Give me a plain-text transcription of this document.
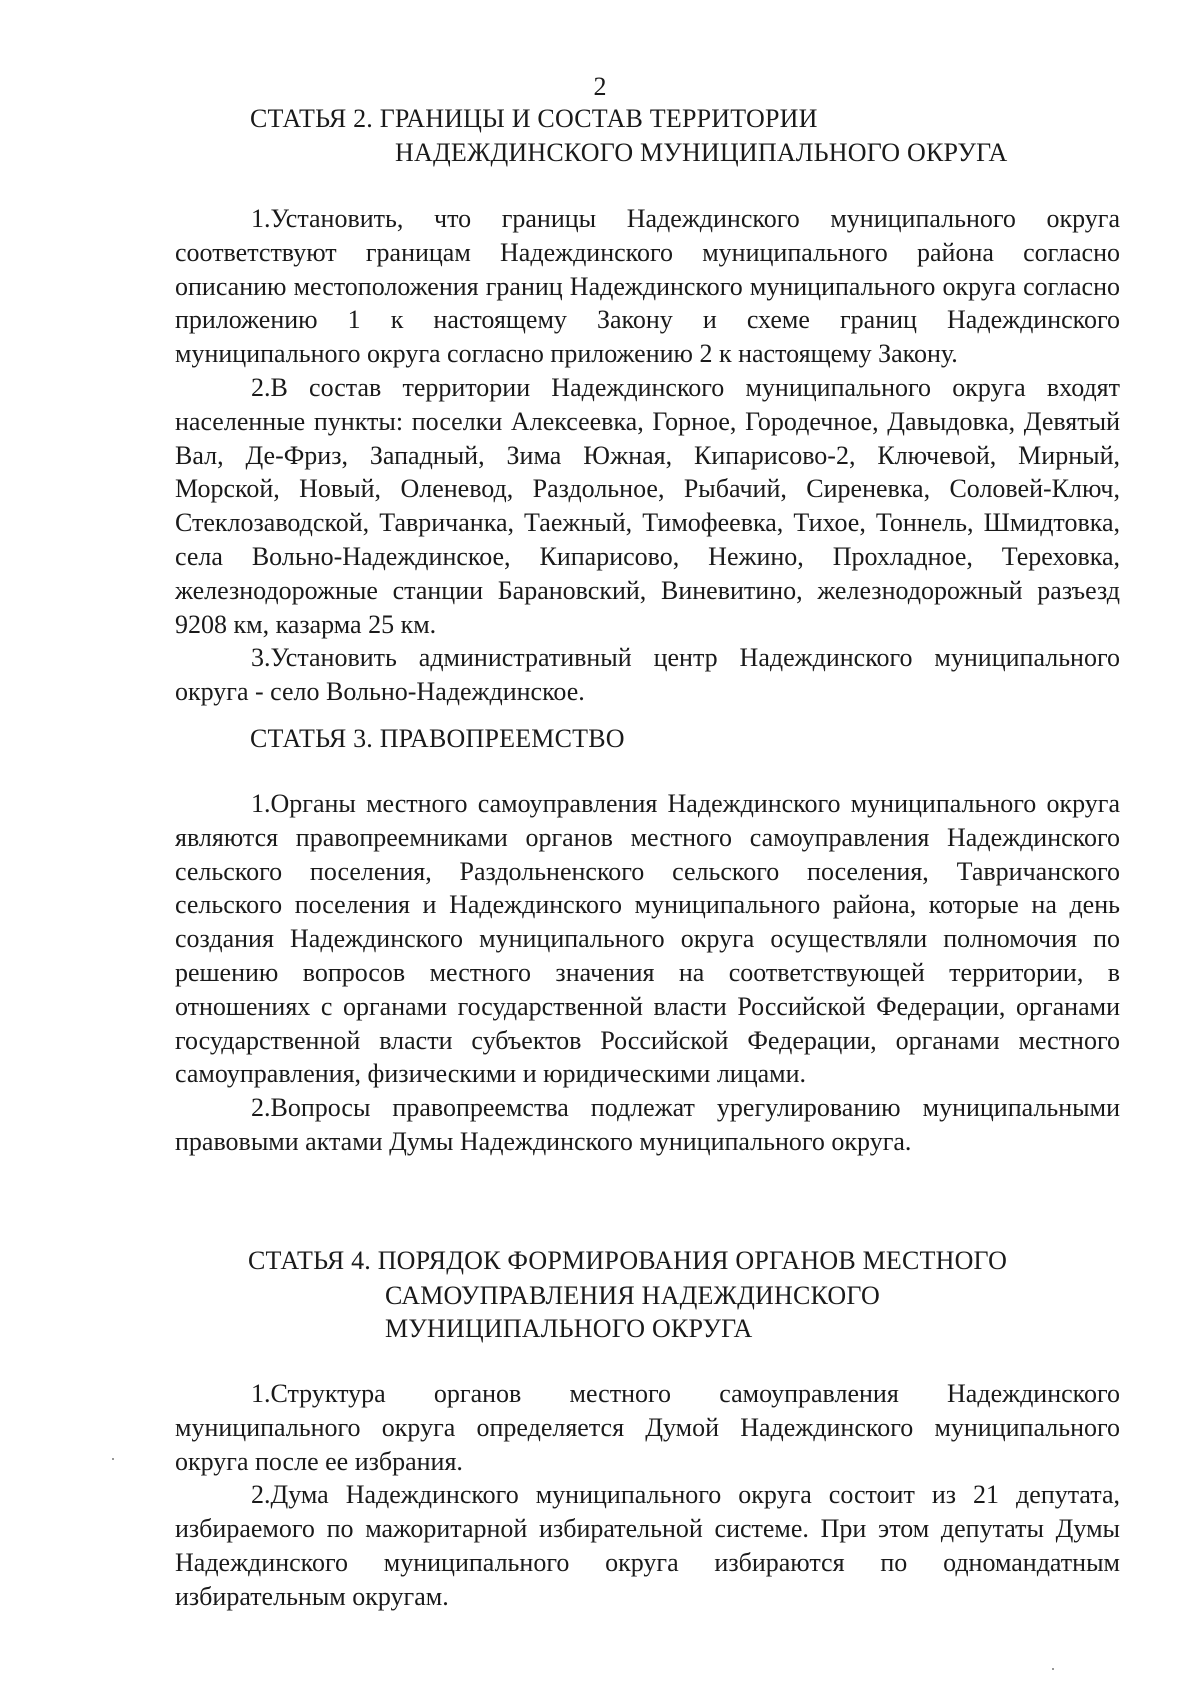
2
СТАТЬЯ 2. ГРАНИЦЫ И СОСТАВ ТЕРРИТОРИИ
НАДЕЖДИНСКОГО МУНИЦИПАЛЬНОГО ОКРУГА

1.Установить, что границы Надеждинского муниципального округа соответствуют границам Надеждинского муниципального района согласно описанию местоположения границ Надеждинского муниципального округа согласно приложению 1 к настоящему Закону и схеме границ Надеждинского муниципального округа согласно приложению 2 к настоящему Закону.

2.В состав территории Надеждинского муниципального округа входят населенные пункты: поселки Алексеевка, Горное, Городечное, Давыдовка, Девятый Вал, Де-Фриз, Западный, Зима Южная, Кипарисово-2, Ключевой, Мирный, Морской, Новый, Оленевод, Раздольное, Рыбачий, Сиреневка, Соловей-Ключ, Стеклозаводской, Тавричанка, Таежный, Тимофеевка, Тихое, Тоннель, Шмидтовка, села Вольно-Надеждинское, Кипарисово, Нежино, Прохладное, Тереховка, железнодорожные станции Барановский, Виневитино, железнодорожный разъезд 9208 км, казарма 25 км.

3.Установить административный центр Надеждинского муниципального округа - село Вольно-Надеждинское.

СТАТЬЯ 3. ПРАВОПРЕЕМСТВО

1.Органы местного самоуправления Надеждинского муниципального округа являются правопреемниками органов местного самоуправления Надеждинского сельского поселения, Раздольненского сельского поселения, Тавричанского сельского поселения и Надеждинского муниципального района, которые на день создания Надеждинского муниципального округа осуществляли полномочия по решению вопросов местного значения на соответствующей территории, в отношениях с органами государственной власти Российской Федерации, органами государственной власти субъектов Российской Федерации, органами местного самоуправления, физическими и юридическими лицами.

2.Вопросы правопреемства подлежат урегулированию муниципальными правовыми актами Думы Надеждинского муниципального округа.

СТАТЬЯ 4. ПОРЯДОК ФОРМИРОВАНИЯ ОРГАНОВ МЕСТНОГО
САМОУПРАВЛЕНИЯ НАДЕЖДИНСКОГО
МУНИЦИПАЛЬНОГО ОКРУГА

1.Структура органов местного самоуправления Надеждинского муниципального округа определяется Думой Надеждинского муниципального округа после ее избрания.

2.Дума Надеждинского муниципального округа состоит из 21 депутата, избираемого по мажоритарной избирательной системе. При этом депутаты Думы Надеждинского муниципального округа избираются по одномандатным избирательным округам.
